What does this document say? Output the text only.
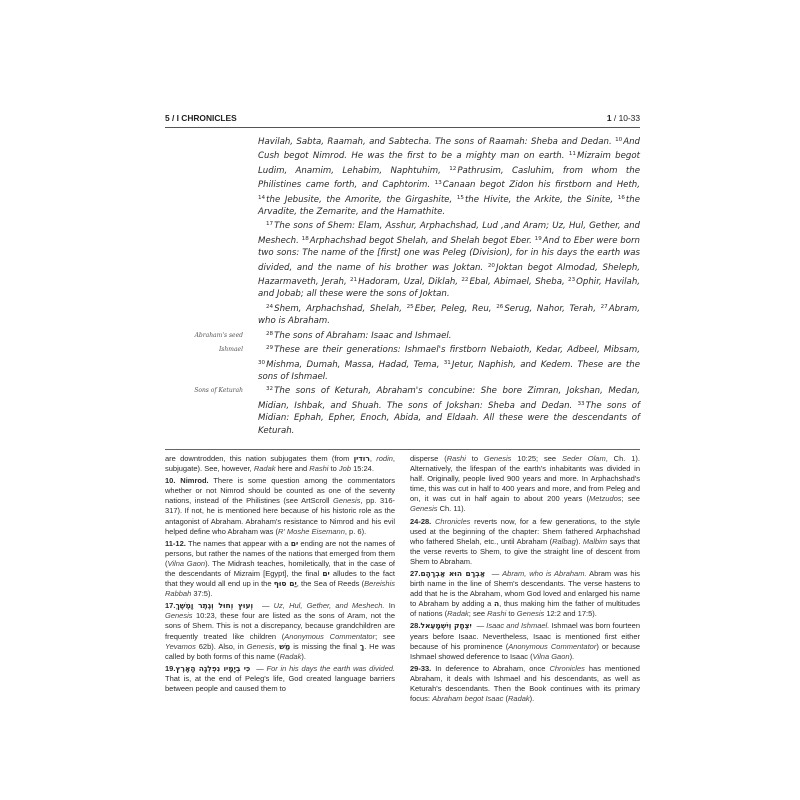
5 / I CHRONICLES	1 / 10-33
Havilah, Sabta, Raamah, and Sabtecha. The sons of Raamah: Sheba and Dedan. $^{10}$And Cush begot Nimrod. He was the first to be a mighty man on earth. $^{11}$Mizraim begot Ludim, Anamim, Lehabim, Naphtuhim, $^{12}$Pathrusim, Casluhim, from whom the Philistines came forth, and Caphtorim. $^{13}$Canaan begot Zidon his firstborn and Heth, $^{14}$the Jebusite, the Amorite, the Girgashite, $^{15}$the Hivite, the Arkite, the Sinite, $^{16}$the Arvadite, the Zemarite, and the Hamathite.
$^{17}$The sons of Shem: Elam, Asshur, Arphachshad, Lud ,and Aram; Uz, Hul, Gether, and Meshech. $^{18}$Arphachshad begot Shelah, and Shelah begot Eber. $^{19}$And to Eber were born two sons: The name of the [first] one was Peleg (Division), for in his days the earth was divided, and the name of his brother was Joktan. $^{20}$Joktan begot Almodad, Sheleph, Hazarmaveth, Jerah, $^{21}$Hadoram, Uzal, Diklah, $^{22}$Ebal, Abimael, Sheba, $^{23}$Ophir, Havilah, and Jobab; all these were the sons of Joktan.
$^{24}$Shem, Arphachshad, Shelah, $^{25}$Eber, Peleg, Reu, $^{26}$Serug, Nahor, Terah, $^{27}$Abram, who is Abraham.
Abraham's seed	$^{28}$The sons of Abraham: Isaac and Ishmael.
Ishmael	$^{29}$These are their generations: Ishmael's firstborn Nebaioth, Kedar, Adbeel, Mibsam, $^{30}$Mishma, Dumah, Massa, Hadad, Tema, $^{31}$Jetur, Naphish, and Kedem. These are the sons of Ishmael.
Sons of Keturah	$^{32}$The sons of Keturah, Abraham's concubine: She bore Zimran, Jokshan, Medan, Midian, Ishbak, and Shuah. The sons of Jokshan: Sheba and Dedan. $^{33}$The sons of Midian: Ephah, Epher, Enoch, Abida, and Eldaah. All these were the descendants of Keturah.

are downtrodden, this nation subjugates them (from רודין, rodin, subjugate). See, however, Radak here and Rashi to Job 15:24.

10. Nimrod. There is some question among the commentators whether or not Nimrod should be counted as one of the seventy nations, instead of the Philistines (see ArtScroll Genesis, pp. 316-317). If not, he is mentioned here because of his historic role as the antagonist of Abraham. Abraham's resistance to Nimrod and his evil helped define who Abraham was (R' Moshe Eisemann, p. 6).

11-12. The names that appear with a ים ending are not the names of persons, but rather the names of the nations that emerged from them (Vilna Gaon). The Midrash teaches, homiletically, that in the case of the descendants of Mizraim [Egypt], the final ים alludes to the fact that they would all end up in the יַם סוּף, the Sea of Reeds (Bereishis Rabbah 37:5).

17. וְעוּץ וְחוּל וְגֶתֶר וָמֶשֶׁךְ — Uz, Hul, Gether, and Meshech. In Genesis 10:23, these four are listed as the sons of Aram, not the sons of Shem. This is not a discrepancy, because grandchildren are frequently treated like children (Anonymous Commentator; see Yevamos 62b). Also, in Genesis, מַשׁ is missing the final ךְ. He was called by both forms of this name (Radak).

19. כִּי בְיָמָיו נִפְלְגָה הָאָרֶץ — For in his days the earth was divided. That is, at the end of Peleg's life, God created language barriers between people and caused them to

disperse (Rashi to Genesis 10:25; see Seder Olam, Ch. 1). Alternatively, the lifespan of the earth's inhabitants was divided in half. Originally, people lived 900 years and more. In Arphachshad's time, this was cut in half to 400 years and more, and from Peleg and on, it was cut in half again to about 200 years (Metzudos; see Genesis Ch. 11).

24-28. Chronicles reverts now, for a few generations, to the style used at the beginning of the chapter: Shem fathered Arphachshad who fathered Shelah, etc., until Abraham (Ralbag). Malbim says that the verse reverts to Shem, to give the straight line of descent from Shem to Abraham.

27. אַבְרָם הוּא אַבְרָהָם — Abram, who is Abraham. Abram was his birth name in the line of Shem's descendants. The verse hastens to add that he is the Abraham, whom God loved and enlarged his name to Abraham by adding a ה, thus making him the father of multitudes of nations (Radak; see Rashi to Genesis 12:2 and 17:5).

28. יִצְחָק וְיִשְׁמָעֵאל — Isaac and Ishmael. Ishmael was born fourteen years before Isaac. Nevertheless, Isaac is mentioned first either because of his prominence (Anonymous Commentator) or because Ishmael showed deference to Isaac (Vilna Gaon).

29-33. In deference to Abraham, once Chronicles has mentioned Abraham, it deals with Ishmael and his descendants, as well as Keturah's descendants. Then the Book continues with its primary focus: Abraham begot Isaac (Radak).
